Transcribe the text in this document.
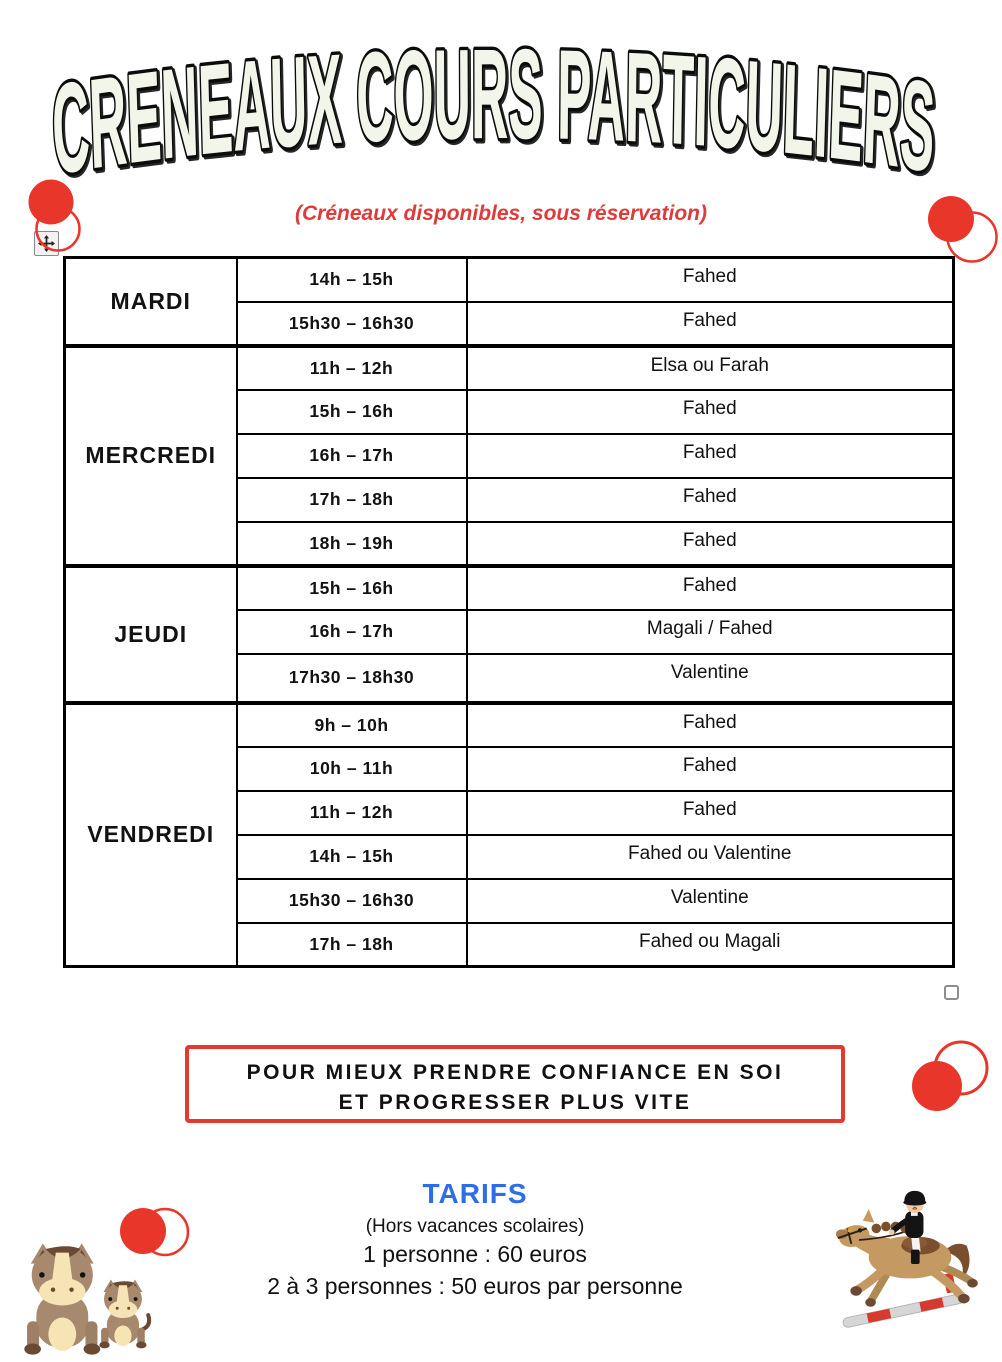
CRENEAUX COURS PARTICULIERS
(Créneaux disponibles, sous réservation)
MARDI	14h – 15h	Fahed
	15h30 – 16h30	Fahed
MERCREDI	11h – 12h	Elsa ou Farah
	15h – 16h	Fahed
	16h – 17h	Fahed
	17h – 18h	Fahed
	18h – 19h	Fahed
JEUDI	15h – 16h	Fahed
	16h – 17h	Magali / Fahed
	17h30 – 18h30	Valentine
VENDREDI	9h – 10h	Fahed
	10h – 11h	Fahed
	11h – 12h	Fahed
	14h – 15h	Fahed ou Valentine
	15h30 – 16h30	Valentine
	17h – 18h	Fahed ou Magali
POUR MIEUX PRENDRE CONFIANCE EN SOI
ET PROGRESSER PLUS VITE
TARIFS
(Hors vacances scolaires)
1 personne : 60 euros
2 à 3 personnes : 50 euros par personne
